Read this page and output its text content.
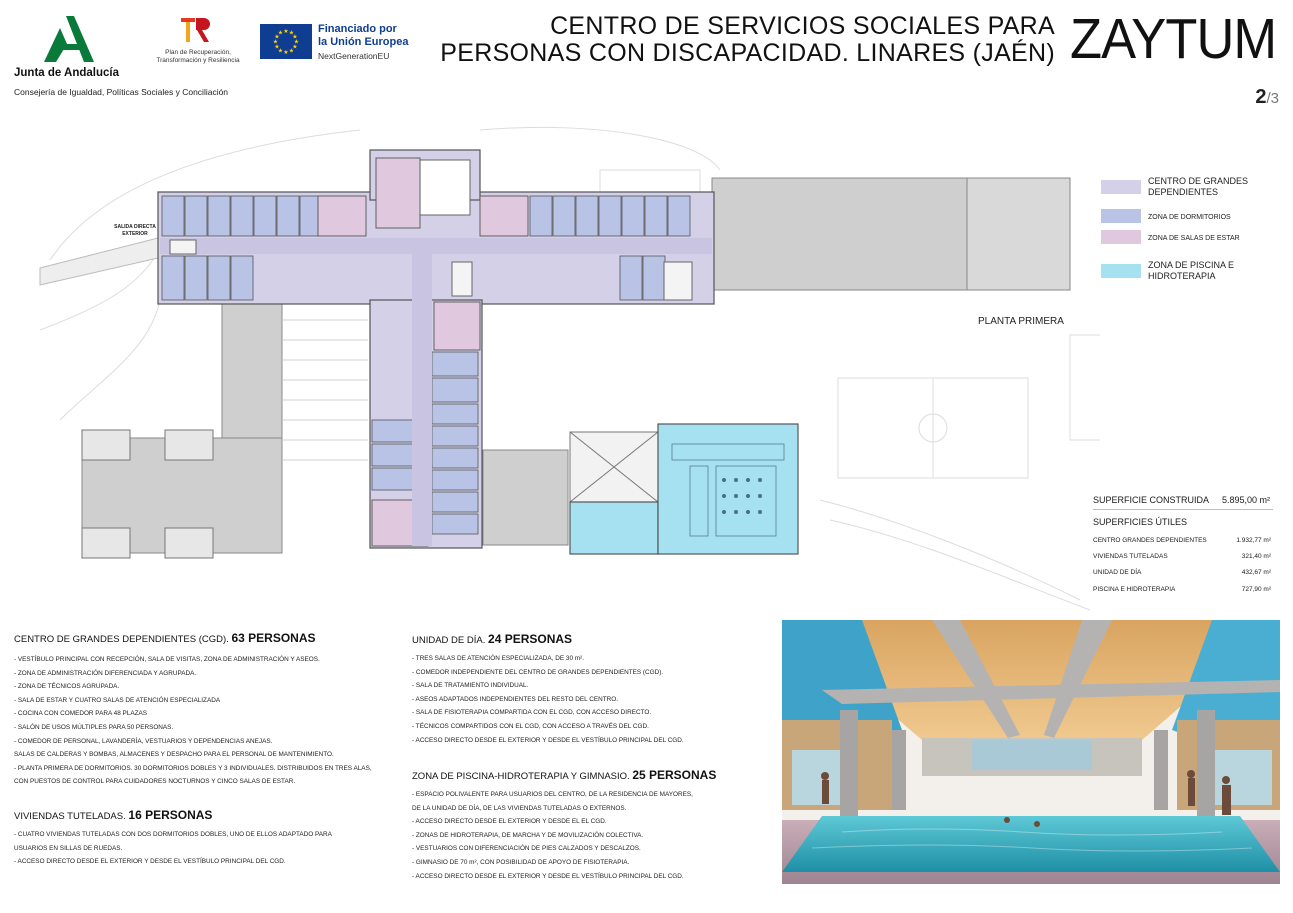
Junta de Andalucía
Consejería de Igualdad, Políticas Sociales y Conciliación
Plan de Recuperación, Transformación y Resiliencia
★ ★
★
★
★
★
★
★
★
★
★
★	Financiado por
la Unión Europea
NextGenerationEU
CENTRO DE SERVICIOS SOCIALES PARA
PERSONAS CON DISCAPACIDAD. LINARES (JAÉN) ZAYTUM
2/3
SALIDA DIRECTA EXTERIOR
PLANTA PRIMERA
CENTRO DE GRANDES DEPENDIENTES
ZONA DE DORMITORIOS
ZONA DE SALAS DE ESTAR
ZONA DE PISCINA E HIDROTERAPIA
SUPERFICIE CONSTRUIDA 5.895,00 m²
SUPERFICIES ÚTILES
CENTRO GRANDES DEPENDIENTES	1.932,77 m²
VIVIENDAS TUTELADAS	321,40 m²
UNIDAD DE DÍA	432,67 m²
PISCINA E HIDROTERAPIA	727,90 m²
CENTRO DE GRANDES DEPENDIENTES (CGD). 63 PERSONAS
- VESTÍBULO PRINCIPAL CON RECEPCIÓN, SALA DE VISITAS, ZONA DE ADMINISTRACIÓN Y ASEOS.
- ZONA DE ADMINISTRACIÓN DIFERENCIADA Y AGRUPADA.
- ZONA DE TÉCNICOS AGRUPADA.
- SALA DE ESTAR Y CUATRO SALAS DE ATENCIÓN ESPECIALIZADA
- COCINA CON COMEDOR PARA 48 PLAZAS
- SALÓN DE USOS MÚLTIPLES PARA 50 PERSONAS.
- COMEDOR DE PERSONAL, LAVANDERÍA, VESTUARIOS Y DEPENDENCIAS ANEJAS.
SALAS DE CALDERAS Y BOMBAS, ALMACENES Y DESPACHO PARA EL PERSONAL DE MANTENIMIENTO.
- PLANTA PRIMERA DE DORMITORIOS. 30 DORMITORIOS DOBLES Y 3 INDIVIDUALES. DISTRIBUIDOS EN TRES ALAS,
CON PUESTOS DE CONTROL PARA CUIDADORES NOCTURNOS Y CINCO SALAS DE ESTAR.
VIVIENDAS TUTELADAS. 16 PERSONAS
- CUATRO VIVIENDAS TUTELADAS CON DOS DORMITORIOS DOBLES, UNO DE ELLOS ADAPTADO PARA
USUARIOS EN SILLAS DE RUEDAS.
- ACCESO DIRECTO DESDE EL EXTERIOR Y DESDE EL VESTÍBULO PRINCIPAL DEL CGD.
UNIDAD DE DÍA. 24 PERSONAS
- TRES SALAS DE ATENCIÓN ESPECIALIZADA, DE 30 m².
- COMEDOR INDEPENDIENTE DEL CENTRO DE GRANDES DEPENDIENTES (CGD).
- SALA DE TRATAMIENTO INDIVIDUAL.
- ASEOS ADAPTADOS INDEPENDIENTES DEL RESTO DEL CENTRO.
- SALA DE FISIOTERAPIA COMPARTIDA CON EL CGD, CON ACCESO DIRECTO.
- TÉCNICOS COMPARTIDOS CON EL CGD, CON ACCESO A TRAVÉS DEL CGD.
- ACCESO DIRECTO DESDE EL EXTERIOR Y DESDE EL VESTÍBULO PRINCIPAL DEL CGD.
ZONA DE PISCINA-HIDROTERAPIA Y GIMNASIO. 25 PERSONAS
- ESPACIO POLIVALENTE PARA USUARIOS DEL CENTRO, DE LA RESIDENCIA DE MAYORES,
DE LA UNIDAD DE DÍA, DE LAS VIVIENDAS TUTELADAS O EXTERNOS.
- ACCESO DIRECTO DESDE EL EXTERIOR Y DESDE EL EL CGD.
- ZONAS DE HIDROTERAPIA, DE MARCHA Y DE MOVILIZACIÓN COLECTIVA.
- VESTUARIOS CON DIFERENCIACIÓN DE PIES CALZADOS Y DESCALZOS.
- GIMNASIO DE 70 m², CON POSIBILIDAD DE APOYO DE FISIOTERAPIA.
- ACCESO DIRECTO DESDE EL EXTERIOR Y DESDE EL VESTÍBULO PRINCIPAL DEL CGD.
